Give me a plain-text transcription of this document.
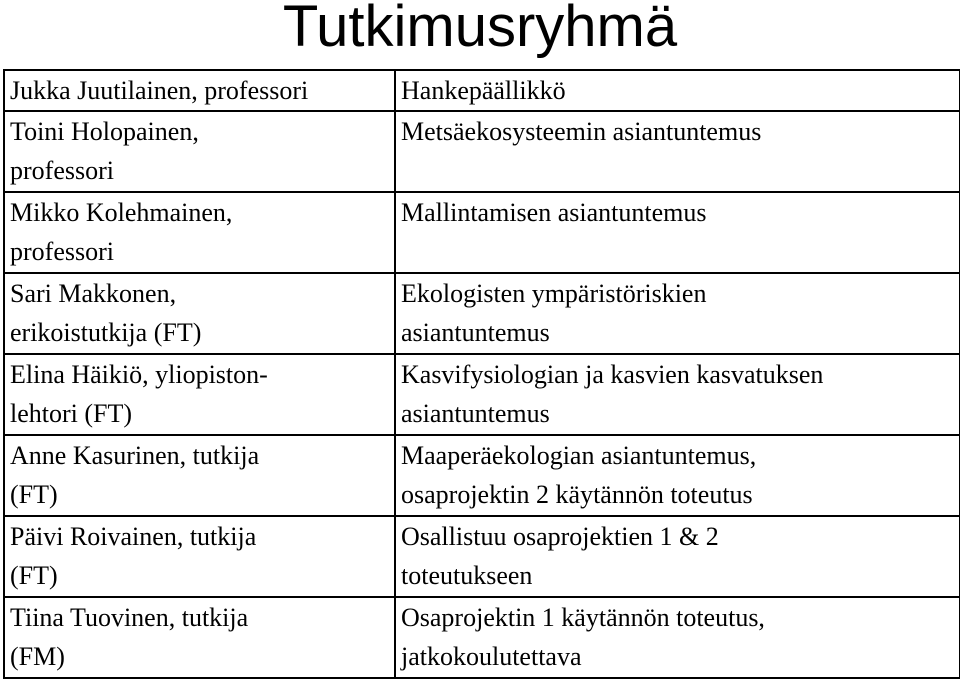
Tutkimusryhmä
Jukka Juutilainen, professori	Hankepäällikkö

Toini Holopainen,
professori	Metsäekosysteemin asiantuntemus

Mikko Kolehmainen,
professori	Mallintamisen asiantuntemus

Sari Makkonen,
erikoistutkija (FT)	Ekologisten ympäristöriskien
asiantuntemus

Elina Häikiö, yliopiston-
lehtori (FT)	Kasvifysiologian ja kasvien kasvatuksen
asiantuntemus

Anne Kasurinen, tutkija
(FT)	Maaperäekologian asiantuntemus,
osaprojektin 2 käytännön toteutus

Päivi Roivainen, tutkija
(FT)	Osallistuu osaprojektien 1 & 2
toteutukseen

Tiina Tuovinen, tutkija
(FM)	Osaprojektin 1 käytännön toteutus,
jatkokoulutettava
